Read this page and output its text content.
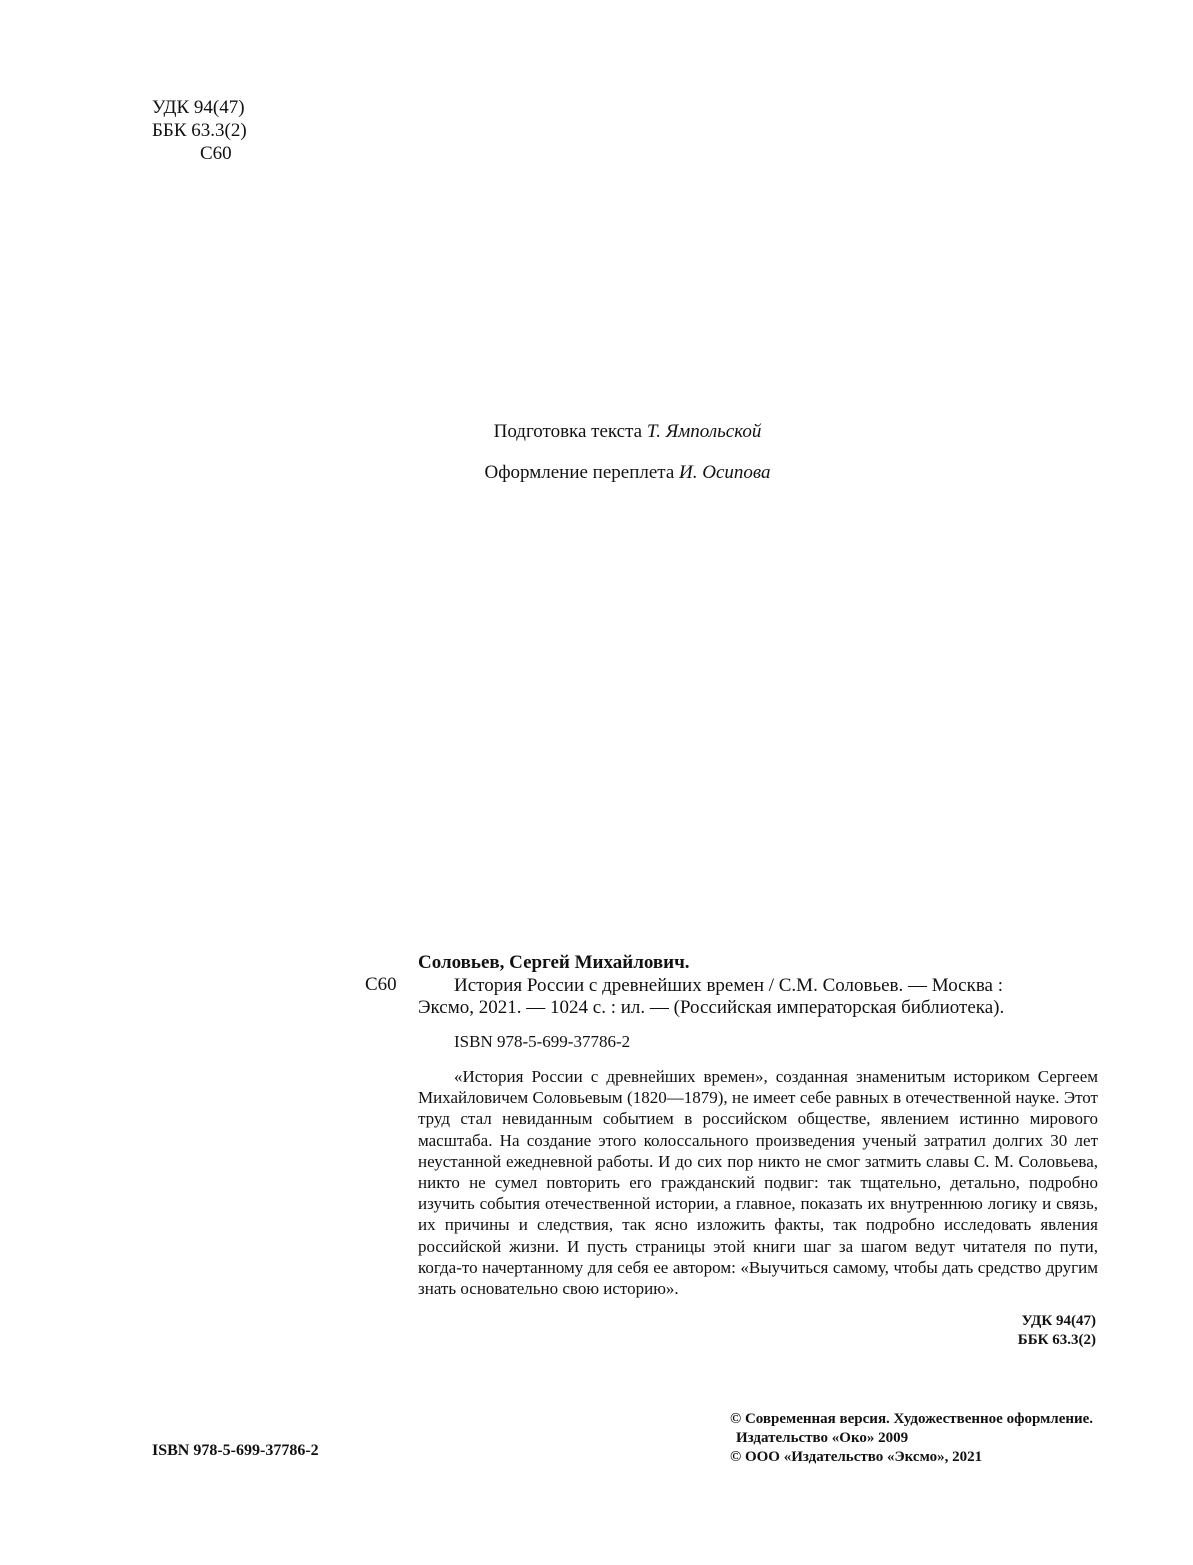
УДК 94(47)
ББК 63.3(2)
С60
Подготовка текста Т. Ямпольской
Оформление переплета И. Осипова
С60
Соловьев, Сергей Михайлович.
История России с древнейших времен / С.М. Соловьев. — Москва :
Эксмо, 2021. — 1024 с. : ил. — (Российская императорская библиотека).
ISBN 978-5-699-37786-2
«История России с древнейших времен», созданная знаменитым историком Сергеем Михайловичем Соловьевым (1820—1879), не имеет себе равных в отечественной науке. Этот труд стал невиданным событием в российском обществе, явлением истинно мирового масштаба. На создание этого колоссального произведения ученый затратил долгих 30 лет неустанной ежедневной работы. И до сих пор никто не смог затмить славы С. М. Соловьева, никто не сумел повторить его гражданский подвиг: так тщательно, детально, подробно изучить события отечественной истории, а главное, показать их внутреннюю логику и связь, их причины и следствия, так ясно изложить факты, так подробно исследовать явления российской жизни. И пусть страницы этой книги шаг за шагом ведут читателя по пути, когда-то начертанному для себя ее автором: «Выучиться самому, чтобы дать средство другим знать основательно свою историю».
УДК 94(47)
ББК 63.3(2)
© Современная версия. Художественное оформление.
Издательство «Око» 2009
© ООО «Издательство «Эксмо», 2021
ISBN 978-5-699-37786-2
